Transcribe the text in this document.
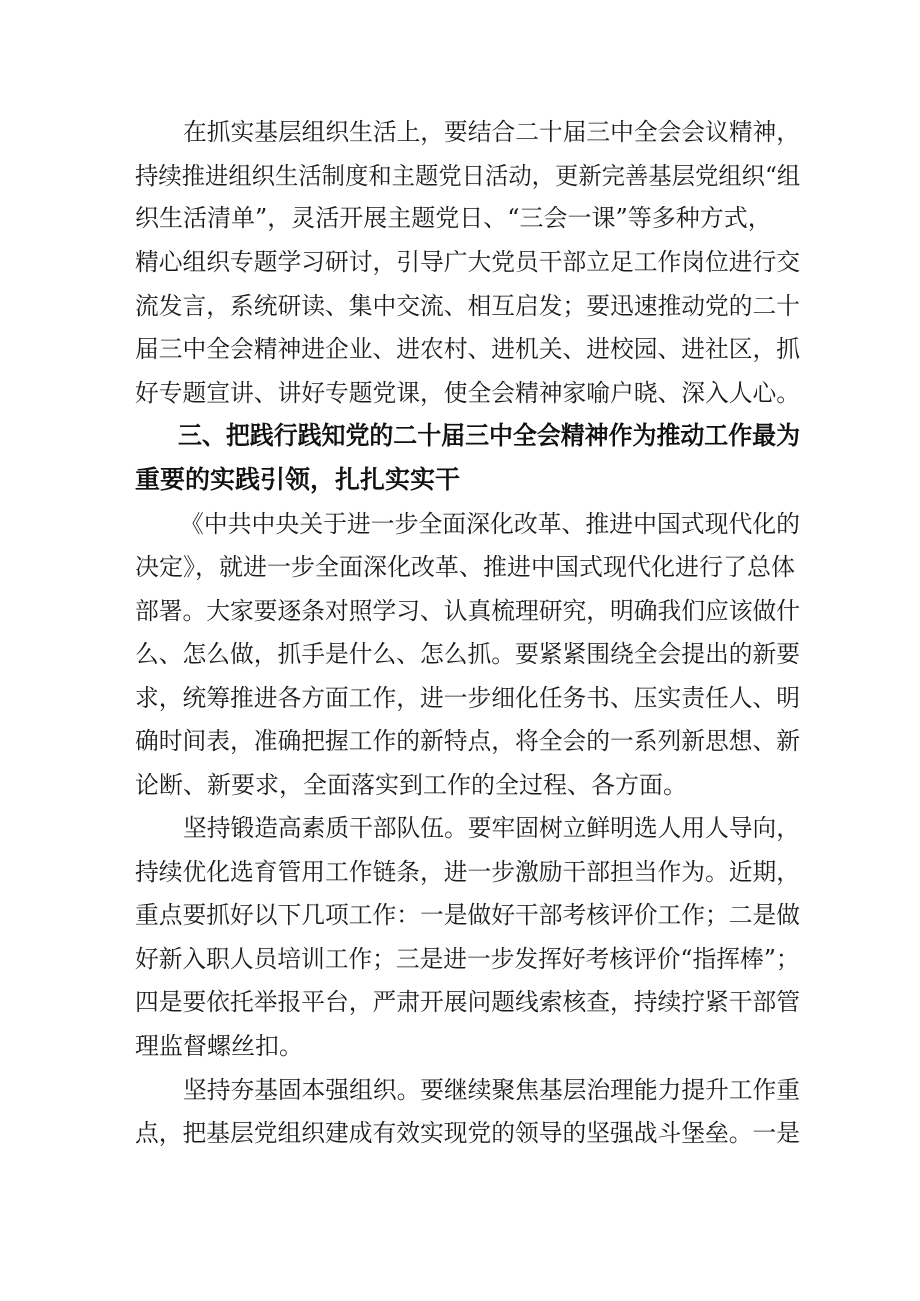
在抓实基层组织生活上，要结合二十届三中全会会议精神，
持续推进组织生活制度和主题党日活动，更新完善基层党组织“组
织生活清单”，灵活开展主题党日、“三会一课”等多种方式，
精心组织专题学习研讨，引导广大党员干部立足工作岗位进行交
流发言，系统研读、集中交流、相互启发；要迅速推动党的二十
届三中全会精神进企业、进农村、进机关、进校园、进社区，抓
好专题宣讲、讲好专题党课，使全会精神家喻户晓、深入人心。
三、把践行践知党的二十届三中全会精神作为推动工作最为
重要的实践引领，扎扎实实干
《中共中央关于进一步全面深化改革、推进中国式现代化的
决定》，就进一步全面深化改革、推进中国式现代化进行了总体
部署。大家要逐条对照学习、认真梳理研究，明确我们应该做什
么、怎么做，抓手是什么、怎么抓。要紧紧围绕全会提出的新要
求，统筹推进各方面工作，进一步细化任务书、压实责任人、明
确时间表，准确把握工作的新特点，将全会的一系列新思想、新
论断、新要求，全面落实到工作的全过程、各方面。
坚持锻造高素质干部队伍。要牢固树立鲜明选人用人导向，
持续优化选育管用工作链条，进一步激励干部担当作为。近期，
重点要抓好以下几项工作：一是做好干部考核评价工作；二是做
好新入职人员培训工作；三是进一步发挥好考核评价“指挥棒”；
四是要依托举报平台，严肃开展问题线索核查，持续拧紧干部管
理监督螺丝扣。
坚持夯基固本强组织。要继续聚焦基层治理能力提升工作重
点，把基层党组织建成有效实现党的领导的坚强战斗堡垒。一是
